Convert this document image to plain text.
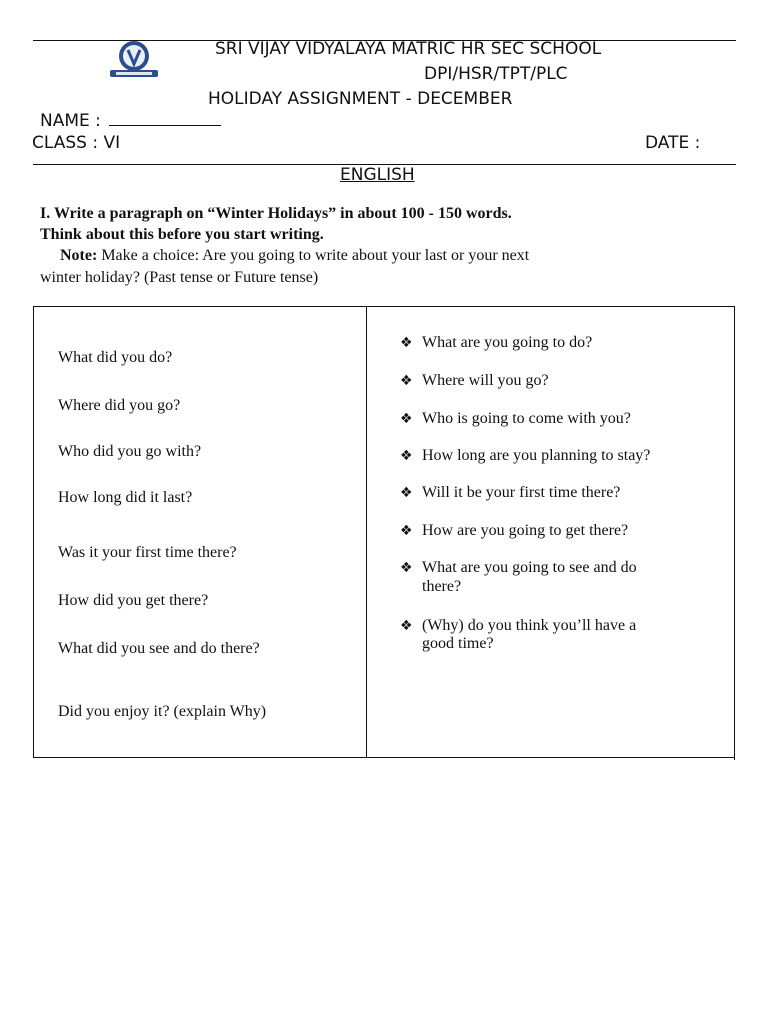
SRI VIJAY VIDYALAYA MATRIC HR SEC SCHOOL
DPI/HSR/TPT/PLC
HOLIDAY ASSIGNMENT - DECEMBER
NAME :
CLASS : VI	DATE :
ENGLISH
I. Write a paragraph on “Winter Holidays” in about 100 - 150 words.
Think about this before you start writing.
Note: Make a choice: Are you going to write about your last or your next
winter holiday? (Past tense or Future tense)
What did you do?
Where did you go?
Who did you go with?
How long did it last?
Was it your first time there?
How did you get there?
What did you see and do there?
Did you enjoy it? (explain Why)
❖ What are you going to do?
❖ Where will you go?
❖ Who is going to come with you?
❖ How long are you planning to stay?
❖ Will it be your first time there?
❖ How are you going to get there?
❖ What are you going to see and do
there?
❖ (Why) do you think you’ll have a
good time?
